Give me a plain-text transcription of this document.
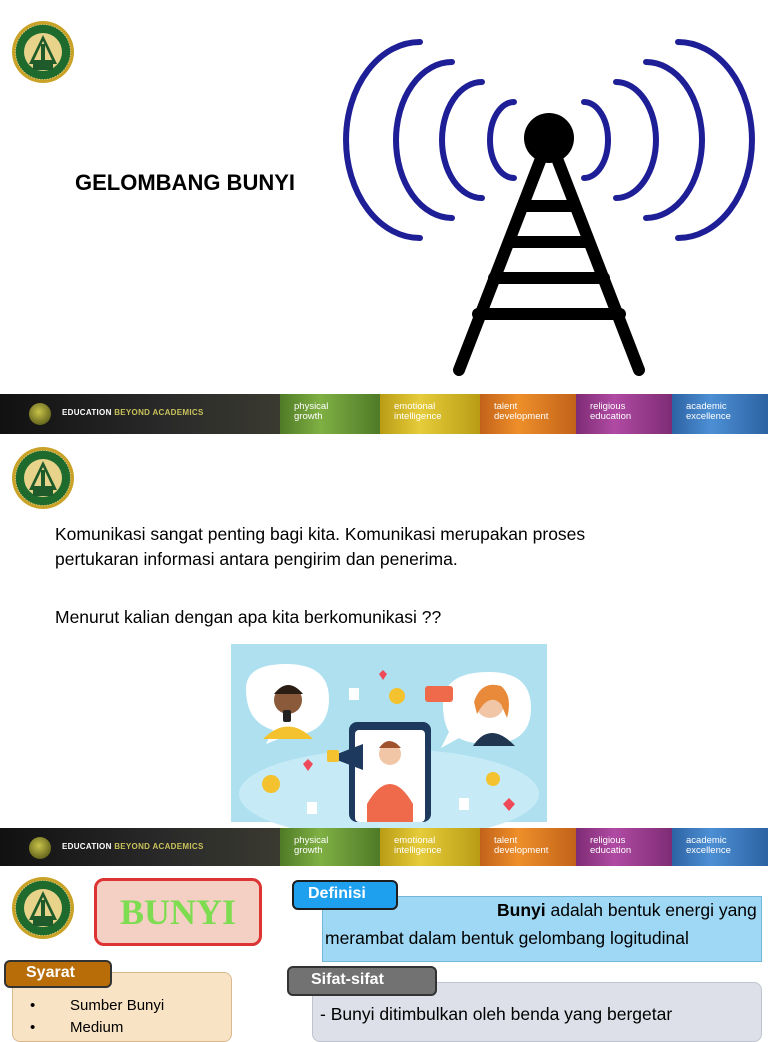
GELOMBANG BUNYI
EDUCATION BEYOND ACADEMICS
physical
growth
emotional
intelligence
talent
development
religious
education
academic
excellence
Komunikasi sangat penting bagi kita. Komunikasi merupakan proses
pertukaran informasi antara pengirim dan penerima.
Menurut kalian dengan apa kita berkomunikasi ??
EDUCATION BEYOND ACADEMICS
physical
growth
emotional
intelligence
talent
development
religious
education
academic
excellence
BUNYI	Bunyi adalah bentuk energi yang merambat dalam bentuk gelombang logitudinal
Definisi
• Sumber Bunyi
• Medium
Syarat
- Bunyi ditimbulkan oleh benda yang bergetar
Sifat-sifat
